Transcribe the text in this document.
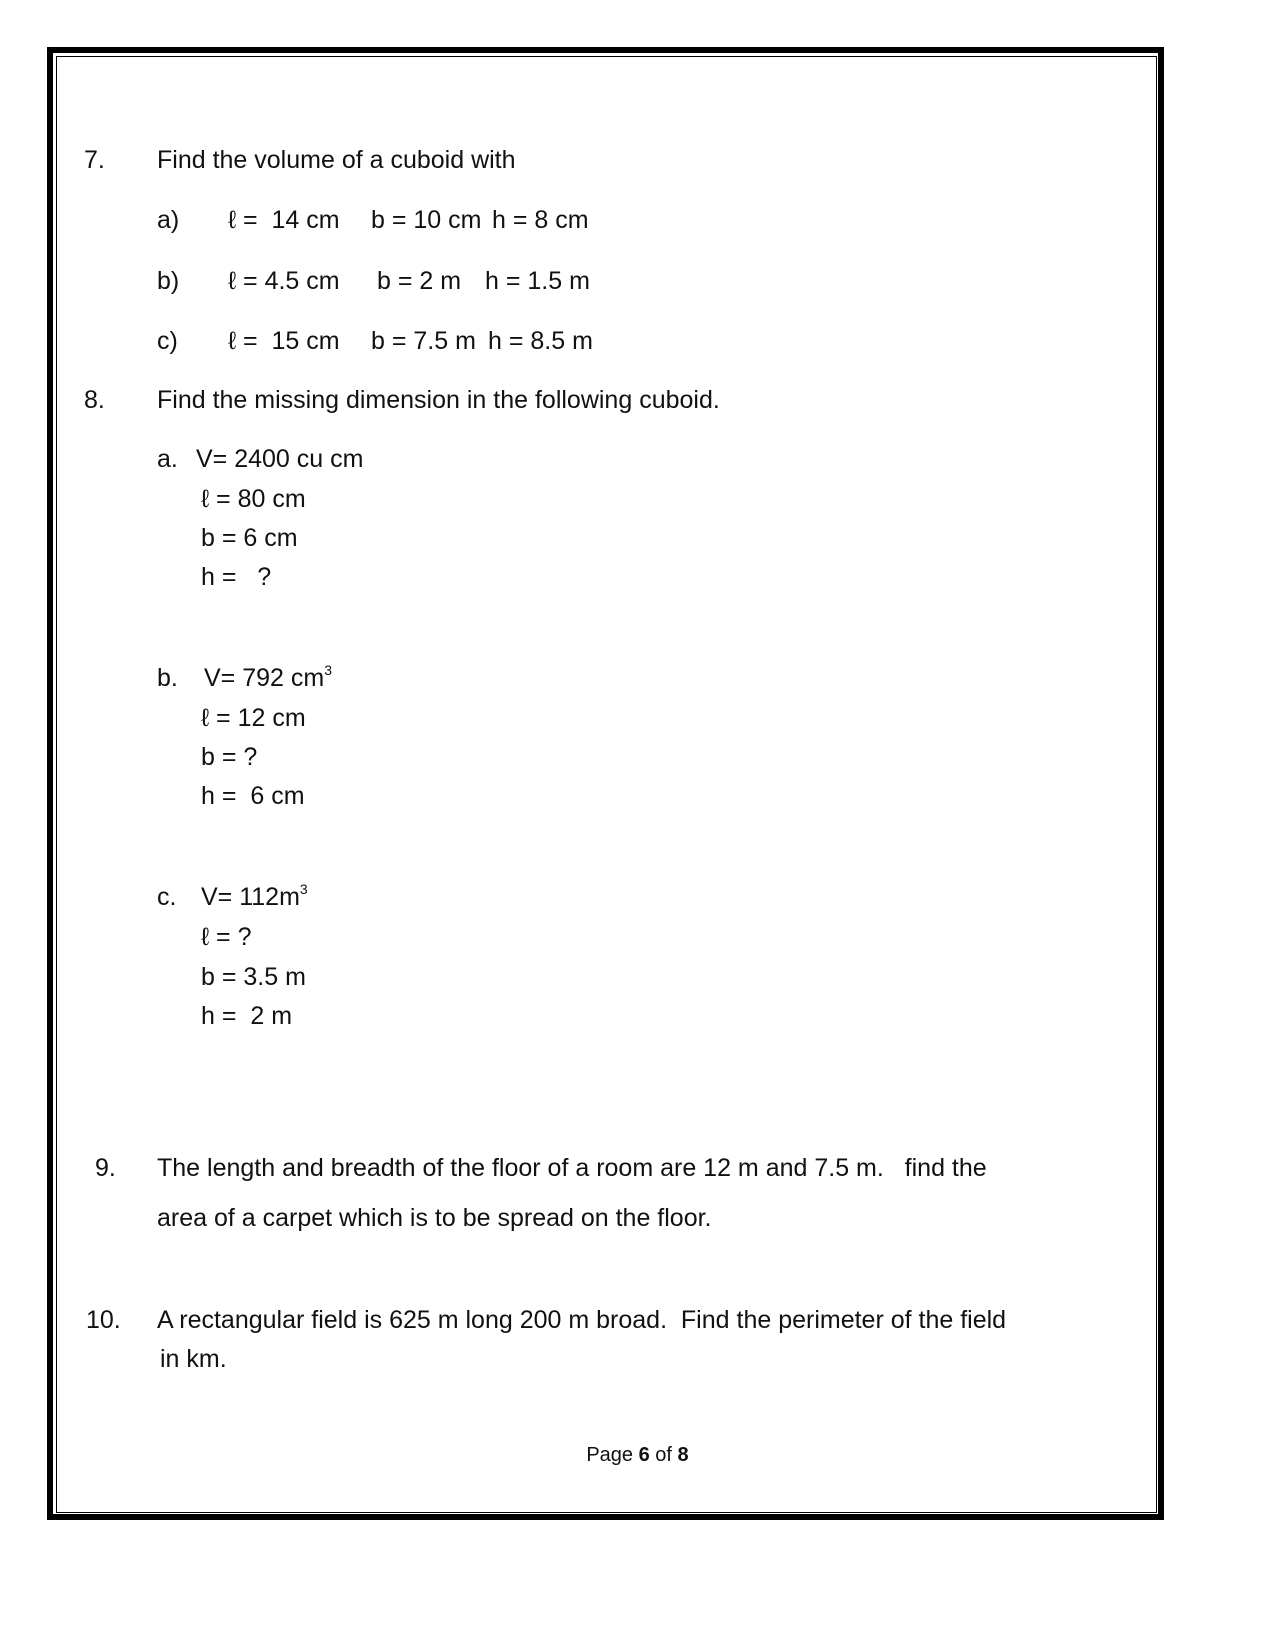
7. Find the volume of a cuboid with
a) ℓ =  14 cm b = 10 cm h = 8 cm
b) ℓ = 4.5 cm b = 2 m h = 1.5 m
c) ℓ =  15 cm b = 7.5 m h = 8.5 m
8. Find the missing dimension in the following cuboid.
a. V= 2400 cu cm
ℓ = 80 cm
b = 6 cm
h =   ?
b. V= 792 $cm^3$
ℓ = 12 cm
b = ?
h =  6 cm
c. $V= 112m^3$
ℓ = ?
b = 3.5 m
h =  2 m
9. The length and breadth of the floor of a room are 12 m and 7.5 m.   find the
area of a carpet which is to be spread on the floor.
10. A rectangular field is 625 m long 200 m broad.  Find the perimeter of the field
in km.
Page 6 of 8
